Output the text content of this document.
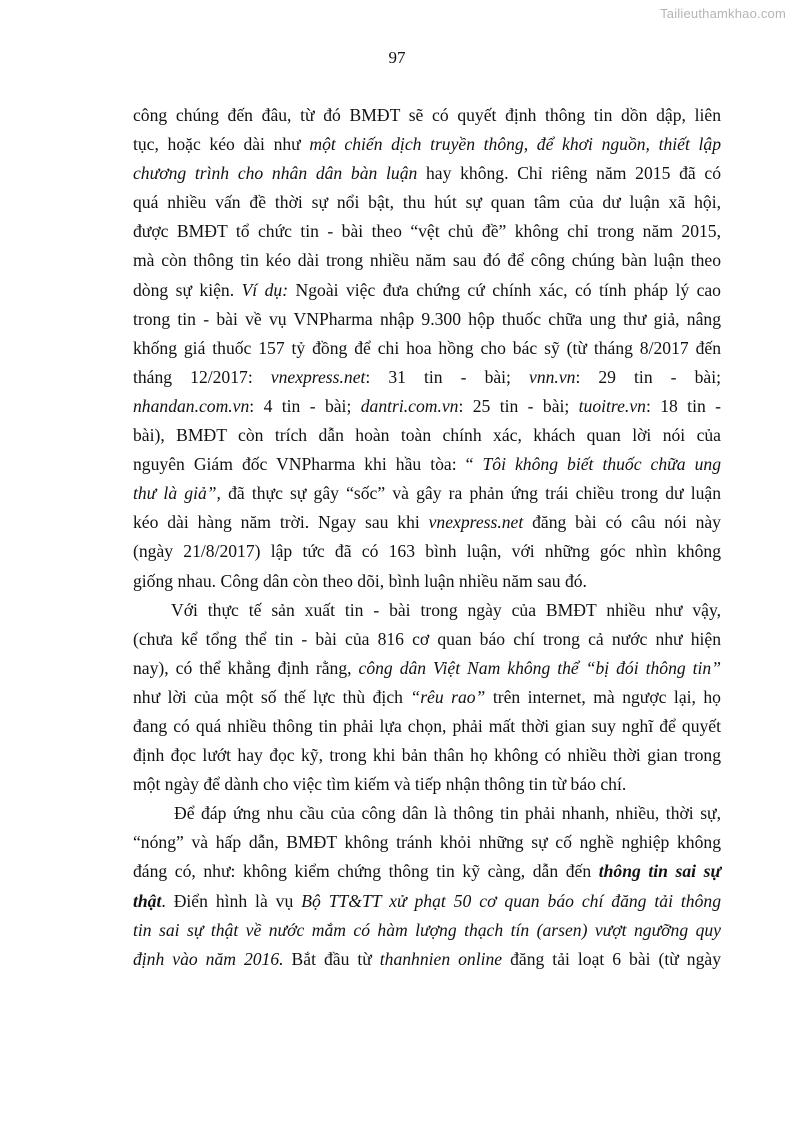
Tailieuthamkhao.com
97
công chúng đến đâu, từ đó BMĐT sẽ có quyết định thông tin dồn dập, liên
tục, hoặc kéo dài như một chiến dịch truyền thông, để khơi nguồn, thiết lập
chương trình cho nhân dân bàn luận hay không. Chỉ riêng năm 2015 đã có
quá nhiều vấn đề thời sự nổi bật, thu hút sự quan tâm của dư luận xã hội,
được BMĐT tổ chức tin - bài theo “vệt chủ đề” không chỉ trong năm 2015,
mà còn thông tin kéo dài trong nhiều năm sau đó để công chúng bàn luận theo
dòng sự kiện. Ví dụ: Ngoài việc đưa chứng cứ chính xác, có tính pháp lý cao
trong tin - bài về vụ VNPharma nhập 9.300 hộp thuốc chữa ung thư giả, nâng
khống giá thuốc 157 tỷ đồng để chi hoa hồng cho bác sỹ (từ tháng 8/2017 đến
tháng 12/2017: vnexpress.net: 31 tin - bài; vnn.vn: 29 tin - bài;
nhandan.com.vn: 4 tin - bài; dantri.com.vn: 25 tin - bài; tuoitre.vn: 18 tin -
bài), BMĐT còn trích dẫn hoàn toàn chính xác, khách quan lời nói của
nguyên Giám đốc VNPharma khi hầu tòa: “ Tôi không biết thuốc chữa ung
thư là giả”, đã thực sự gây “sốc” và gây ra phản ứng trái chiều trong dư luận
kéo dài hàng năm trời. Ngay sau khi vnexpress.net đăng bài có câu nói này
(ngày 21/8/2017) lập tức đã có 163 bình luận, với những góc nhìn không
giống nhau. Công dân còn theo dõi, bình luận nhiều năm sau đó.
Với thực tế sản xuất tin - bài trong ngày của BMĐT nhiều như vậy,
(chưa kể tổng thể tin - bài của 816 cơ quan báo chí trong cả nước như hiện
nay), có thể khẳng định rằng, công dân Việt Nam không thể “bị đói thông tin”
như lời của một số thế lực thù địch “rêu rao” trên internet, mà ngược lại, họ
đang có quá nhiều thông tin phải lựa chọn, phải mất thời gian suy nghĩ để quyết
định đọc lướt hay đọc kỹ, trong khi bản thân họ không có nhiều thời gian trong
một ngày để dành cho việc tìm kiếm và tiếp nhận thông tin từ báo chí.
Để đáp ứng nhu cầu của công dân là thông tin phải nhanh, nhiều, thời sự,
“nóng” và hấp dẫn, BMĐT không tránh khỏi những sự cố nghề nghiệp không
đáng có, như: không kiểm chứng thông tin kỹ càng, dẫn đến thông tin sai sự
thật. Điển hình là vụ Bộ TT&TT xử phạt 50 cơ quan báo chí đăng tải thông
tin sai sự thật về nước mắm có hàm lượng thạch tín (arsen) vượt ngưỡng quy
định vào năm 2016. Bắt đầu từ thanhnien online đăng tải loạt 6 bài (từ ngày
